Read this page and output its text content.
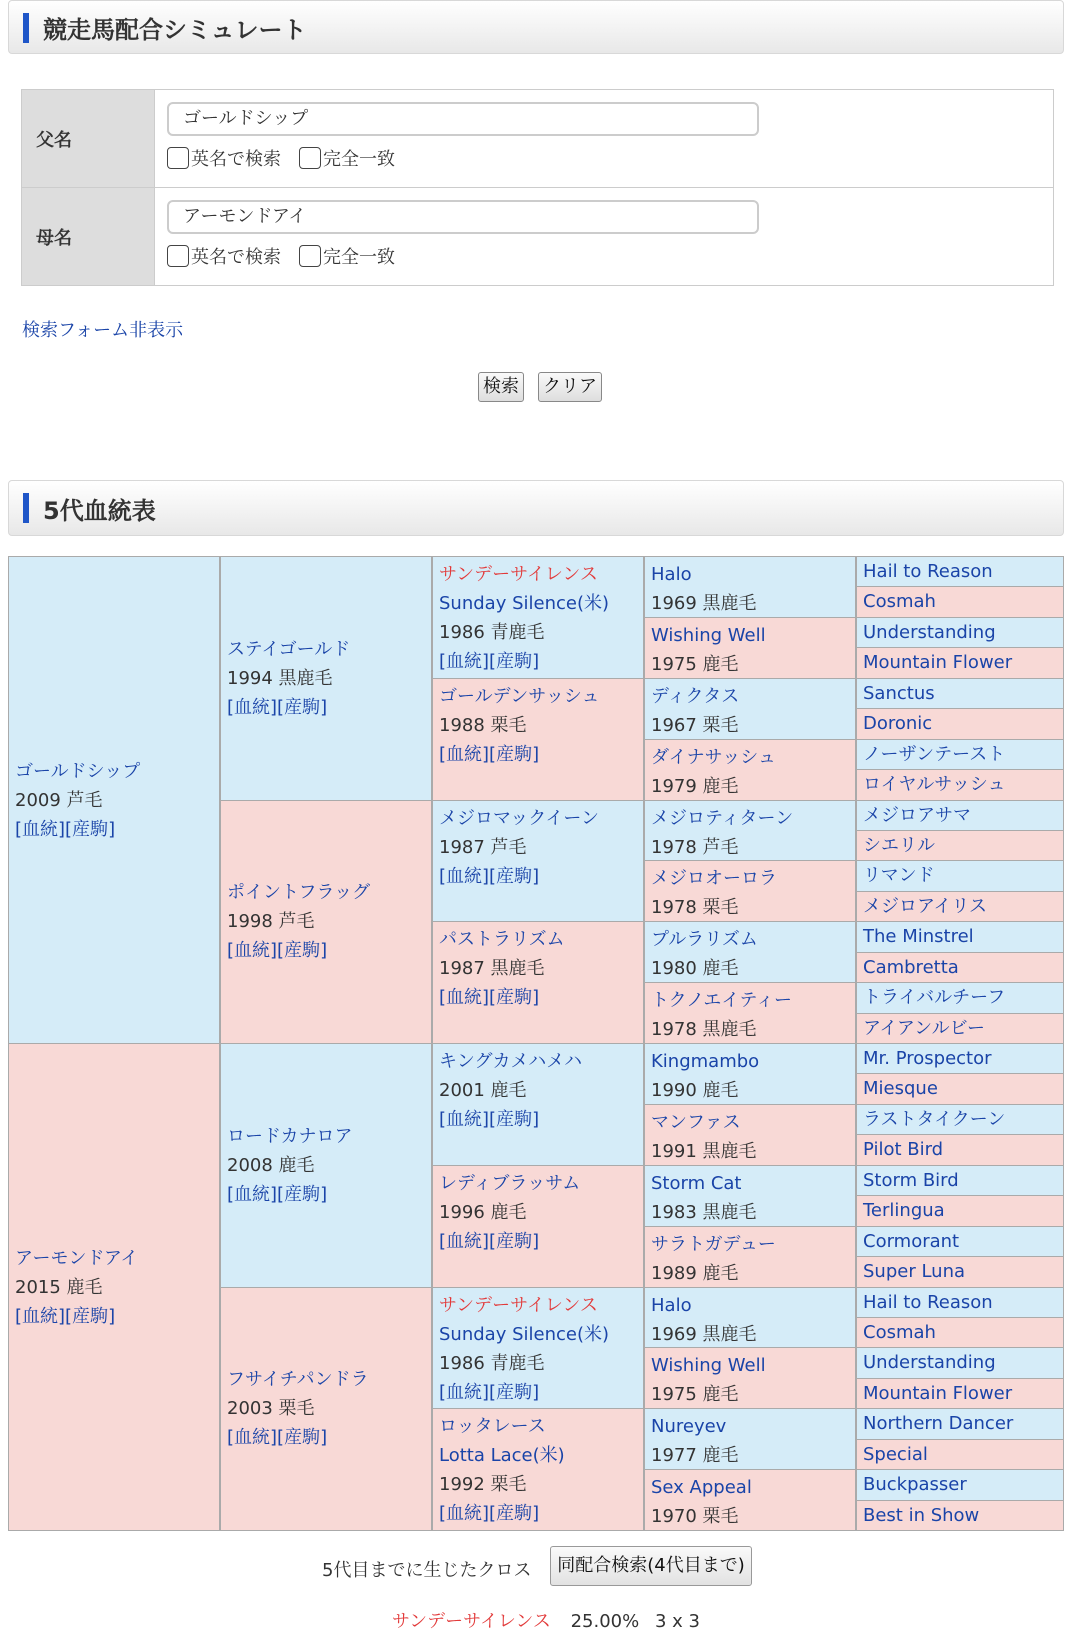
競走馬配合シミュレート
父名
ゴールドシップ
英名で検索 完全一致
母名
アーモンドアイ
英名で検索 完全一致
検索フォーム非表示
検索 クリア
5代血統表
ゴールドシップ
2009 芦毛
[血統][産駒]
アーモンドアイ
2015 鹿毛
[血統][産駒]
ステイゴールド
1994 黒鹿毛
[血統][産駒]
サンデーサイレンス
Sunday Silence(米)
1986 青鹿毛
[血統][産駒]
Halo
1969 黒鹿毛
Wishing Well
1975 鹿毛
Hail to Reason
Cosmah
Understanding
Mountain Flower
ゴールデンサッシュ
1988 栗毛
[血統][産駒]
ディクタス
1967 栗毛
ダイナサッシュ
1979 鹿毛
Sanctus
Doronic
ノーザンテースト
ロイヤルサッシュ
ポイントフラッグ
1998 芦毛
[血統][産駒]
メジロマックイーン
1987 芦毛
[血統][産駒]
メジロティターン
1978 芦毛
メジロオーロラ
1978 栗毛
メジロアサマ
シエリル
リマンド
メジロアイリス
パストラリズム
1987 黒鹿毛
[血統][産駒]
プルラリズム
1980 鹿毛
トクノエイティー
1978 黒鹿毛
The Minstrel
Cambretta
トライバルチーフ
アイアンルビー
ロードカナロア
2008 鹿毛
[血統][産駒]
キングカメハメハ
2001 鹿毛
[血統][産駒]
Kingmambo
1990 鹿毛
マンファス
1991 黒鹿毛
Mr. Prospector
Miesque
ラストタイクーン
Pilot Bird
レディブラッサム
1996 鹿毛
[血統][産駒]
Storm Cat
1983 黒鹿毛
サラトガデュー
1989 鹿毛
Storm Bird
Terlingua
Cormorant
Super Luna
フサイチパンドラ
2003 栗毛
[血統][産駒]
サンデーサイレンス
Sunday Silence(米)
1986 青鹿毛
[血統][産駒]
Halo
1969 黒鹿毛
Wishing Well
1975 鹿毛
Hail to Reason
Cosmah
Understanding
Mountain Flower
ロッタレース
Lotta Lace(米)
1992 栗毛
[血統][産駒]
Nureyev
1977 鹿毛
Sex Appeal
1970 栗毛
Northern Dancer
Special
Buckpasser
Best in Show
5代目までに生じたクロス	同配合検索(4代目まで)
サンデーサイレンス 25.00% 3 x 3
